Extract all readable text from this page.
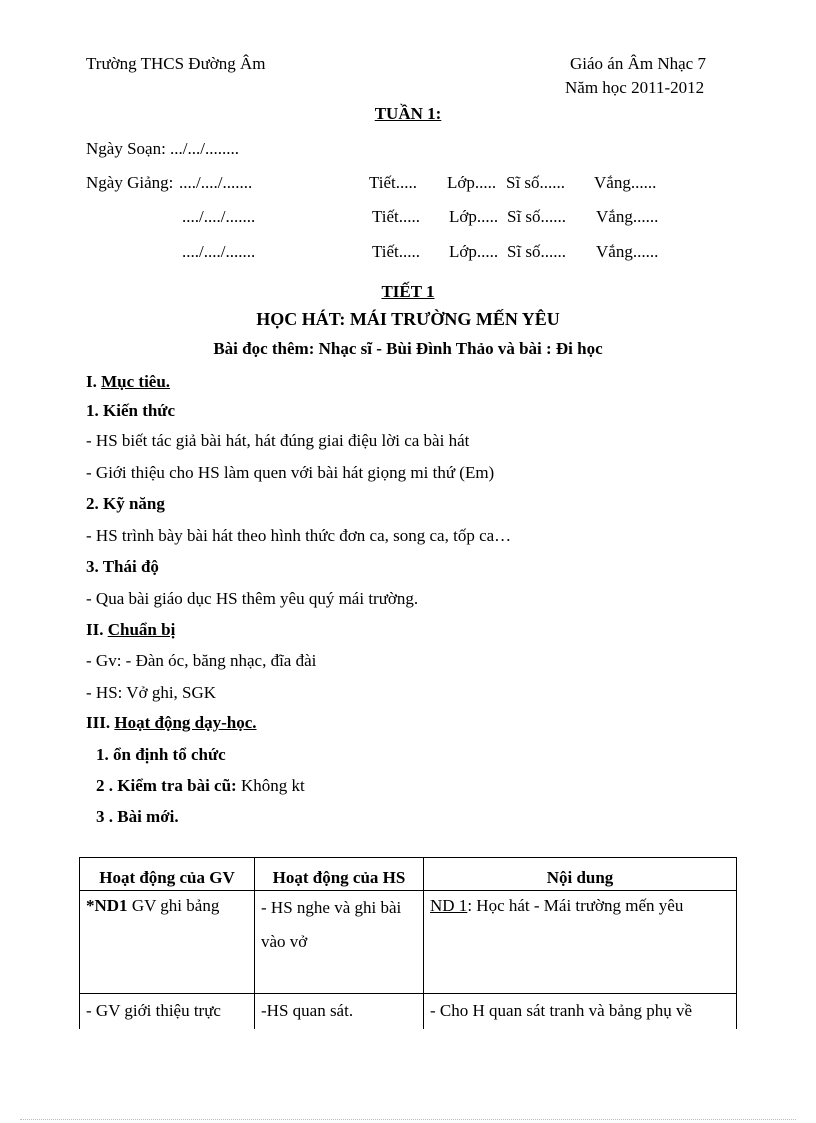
Trường THCS Đường Âm	Giáo án Âm Nhạc 7
Năm học 2011-2012
TUẦN 1:
Ngày Soạn: .../.../........
Ngày Giảng: ..../..../.......	Tiết..... Lớp..... Sĩ số...... Vắng......
..../..../.......	Tiết..... Lớp..... Sĩ số...... Vắng......
..../..../.......	Tiết..... Lớp..... Sĩ số...... Vắng......
TIẾT 1
HỌC HÁT: MÁI TRƯỜNG MẾN YÊU
Bài đọc thêm: Nhạc sĩ - Bùi Đình Thảo và bài : Đi học
I. Mục tiêu.
1. Kiến thức
- HS biết tác giả bài hát, hát đúng giai điệu lời ca bài hát
- Giới thiệu cho HS làm quen với bài hát giọng mi thứ (Em)
2. Kỹ năng
- HS trình bày bài hát theo hình thức đơn ca, song ca, tốp ca…
3. Thái độ
- Qua bài giáo dục HS thêm yêu quý mái trường.
II. Chuẩn bị
- Gv: - Đàn óc, băng nhạc, đĩa đài
- HS: Vở ghi, SGK
III. Hoạt động dạy-học.
1. ổn định tổ chức
2 . Kiểm tra bài cũ: Không kt
3 . Bài mới.
Hoạt động của GV	Hoạt động của HS	Nội dung
*ND1 GV ghi bảng	- HS nghe và ghi bài vào vở	ND 1: Học hát - Mái trường mến yêu
- GV giới thiệu trực	-HS quan sát.	- Cho H quan sát tranh và bảng phụ về
